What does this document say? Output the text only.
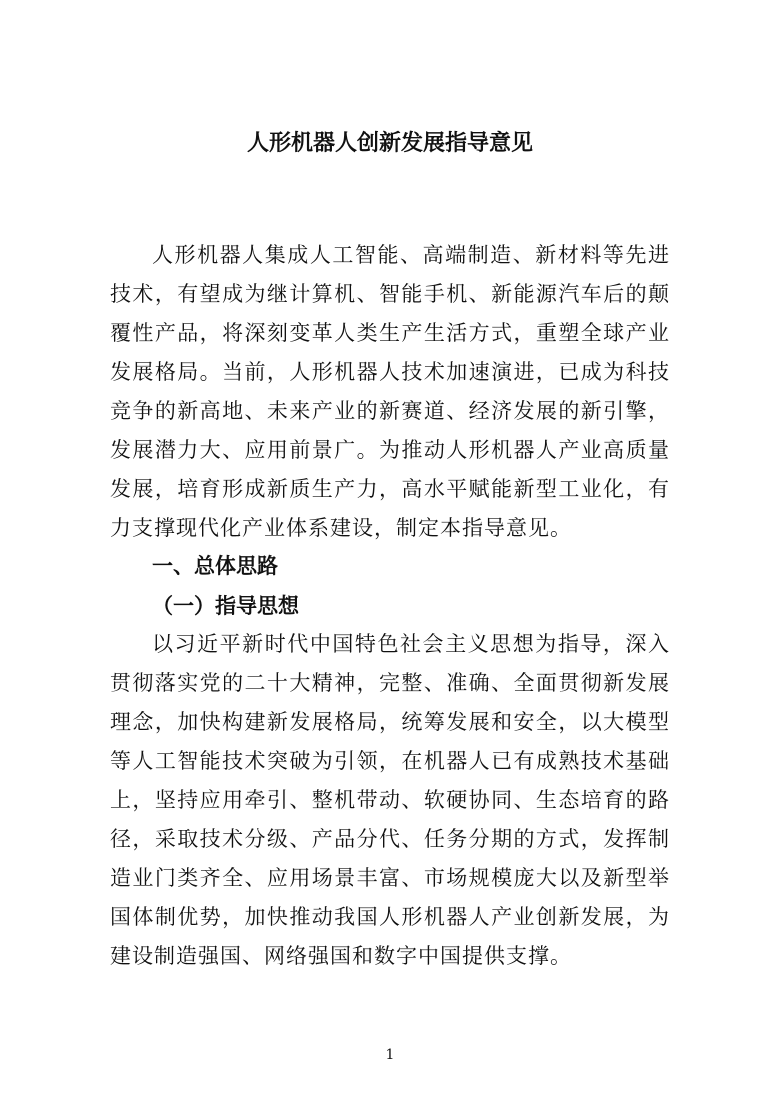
人形机器人创新发展指导意见

人形机器人集成人工智能、高端制造、新材料等先进技术，有望成为继计算机、智能手机、新能源汽车后的颠覆性产品，将深刻变革人类生产生活方式，重塑全球产业发展格局。当前，人形机器人技术加速演进，已成为科技竞争的新高地、未来产业的新赛道、经济发展的新引擎，发展潜力大、应用前景广。为推动人形机器人产业高质量发展，培育形成新质生产力，高水平赋能新型工业化，有力支撑现代化产业体系建设，制定本指导意见。

一、总体思路
（一）指导思想

以习近平新时代中国特色社会主义思想为指导，深入贯彻落实党的二十大精神，完整、准确、全面贯彻新发展理念，加快构建新发展格局，统筹发展和安全，以大模型等人工智能技术突破为引领，在机器人已有成熟技术基础上，坚持应用牵引、整机带动、软硬协同、生态培育的路径，采取技术分级、产品分代、任务分期的方式，发挥制造业门类齐全、应用场景丰富、市场规模庞大以及新型举国体制优势，加快推动我国人形机器人产业创新发展，为建设制造强国、网络强国和数字中国提供支撑。

1
